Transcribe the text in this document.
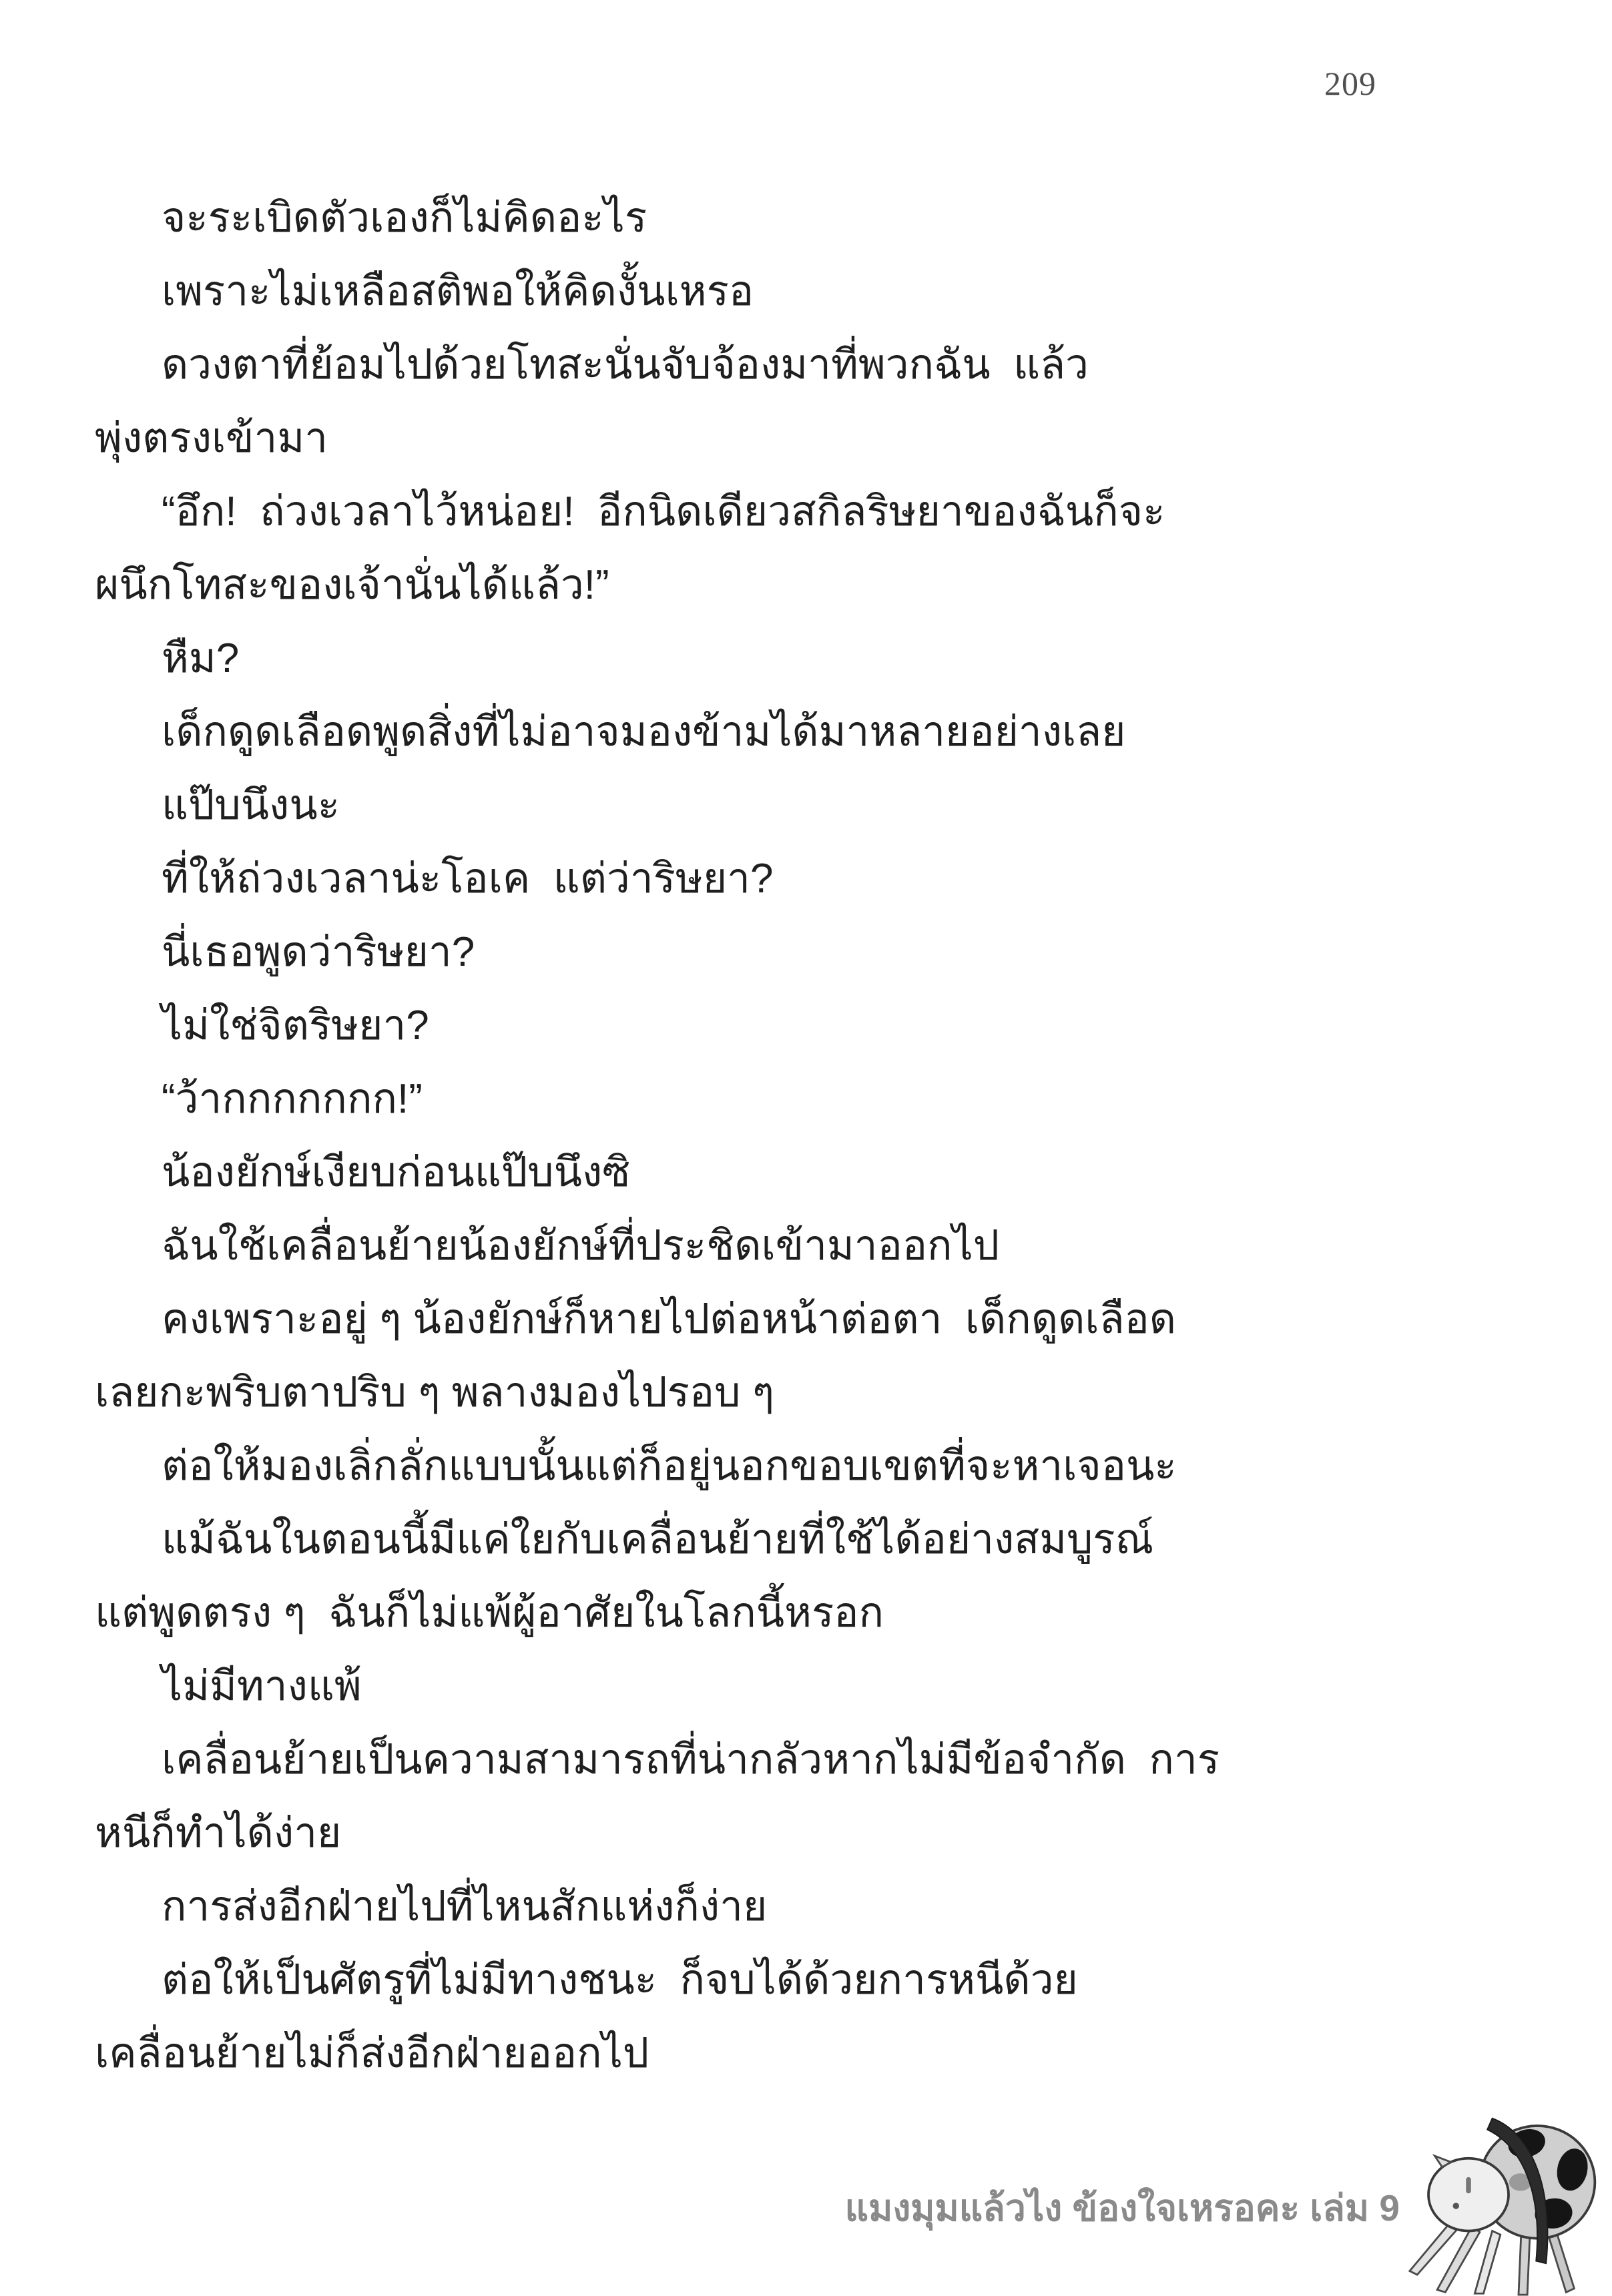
209
จะระเบิดตัวเองก็ไม่คิดอะไร
เพราะไม่เหลือสติพอให้คิดงั้นเหรอ
ดวงตาที่ย้อมไปด้วยโทสะนั่นจับจ้องมาที่พวกฉัน  แล้ว
พุ่งตรงเข้ามา
“อึก!  ถ่วงเวลาไว้หน่อย!  อีกนิดเดียวสกิลริษยาของฉันก็จะ
ผนึกโทสะของเจ้านั่นได้แล้ว!”
หืม?
เด็กดูดเลือดพูดสิ่งที่ไม่อาจมองข้ามได้มาหลายอย่างเลย
แป๊บนึงนะ
ที่ให้ถ่วงเวลาน่ะโอเค  แต่ว่าริษยา?
นี่เธอพูดว่าริษยา?
ไม่ใช่จิตริษยา?
“ว้ากกกกกกก!”
น้องยักษ์เงียบก่อนแป๊บนึงซิ
ฉันใช้เคลื่อนย้ายน้องยักษ์ที่ประชิดเข้ามาออกไป
คงเพราะอยู่ ๆ น้องยักษ์ก็หายไปต่อหน้าต่อตา  เด็กดูดเลือด
เลยกะพริบตาปริบ ๆ พลางมองไปรอบ ๆ
ต่อให้มองเลิ่กลั่กแบบนั้นแต่ก็อยู่นอกขอบเขตที่จะหาเจอนะ
แม้ฉันในตอนนี้มีแค่ใยกับเคลื่อนย้ายที่ใช้ได้อย่างสมบูรณ์
แต่พูดตรง ๆ  ฉันก็ไม่แพ้ผู้อาศัยในโลกนี้หรอก
ไม่มีทางแพ้
เคลื่อนย้ายเป็นความสามารถที่น่ากลัวหากไม่มีข้อจำกัด  การ
หนีก็ทำได้ง่าย
การส่งอีกฝ่ายไปที่ไหนสักแห่งก็ง่าย
ต่อให้เป็นศัตรูที่ไม่มีทางชนะ  ก็จบได้ด้วยการหนีด้วย
เคลื่อนย้ายไม่ก็ส่งอีกฝ่ายออกไป
แมงมุมแล้วไง ข้องใจเหรอคะ เล่ม 9
